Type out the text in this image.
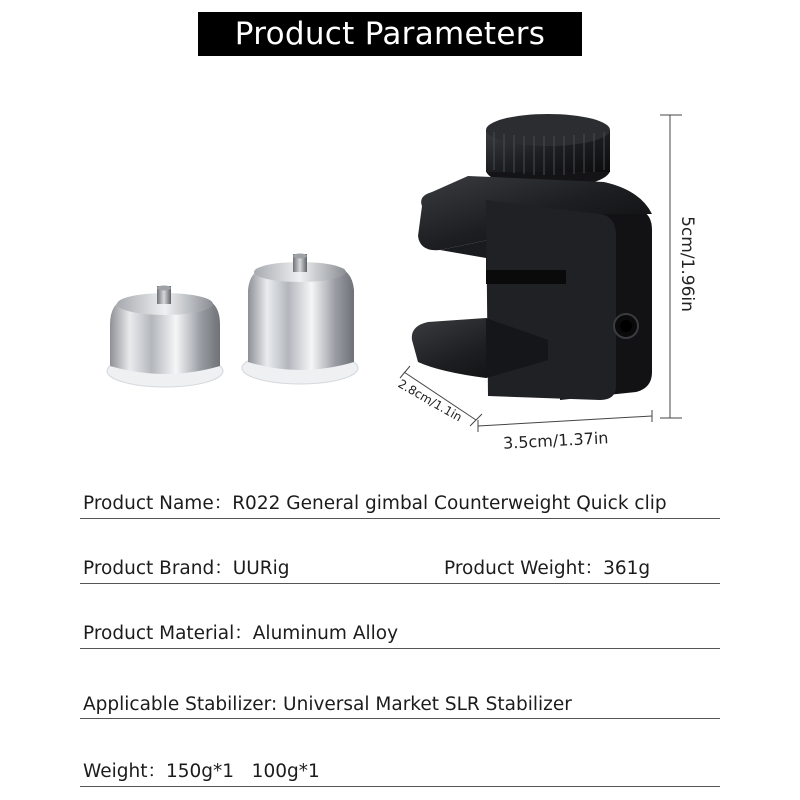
Product Parameters
5cm/1.96in
2.8cm/1.1in
3.5cm/1.37in
Product Name：R022 General gimbal Counterweight Quick clip
Product Brand：UURig	Product Weight：361g
Product Material：Aluminum Alloy
Applicable Stabilizer: Universal Market SLR Stabilizer
Weight：150g*1   100g*1
